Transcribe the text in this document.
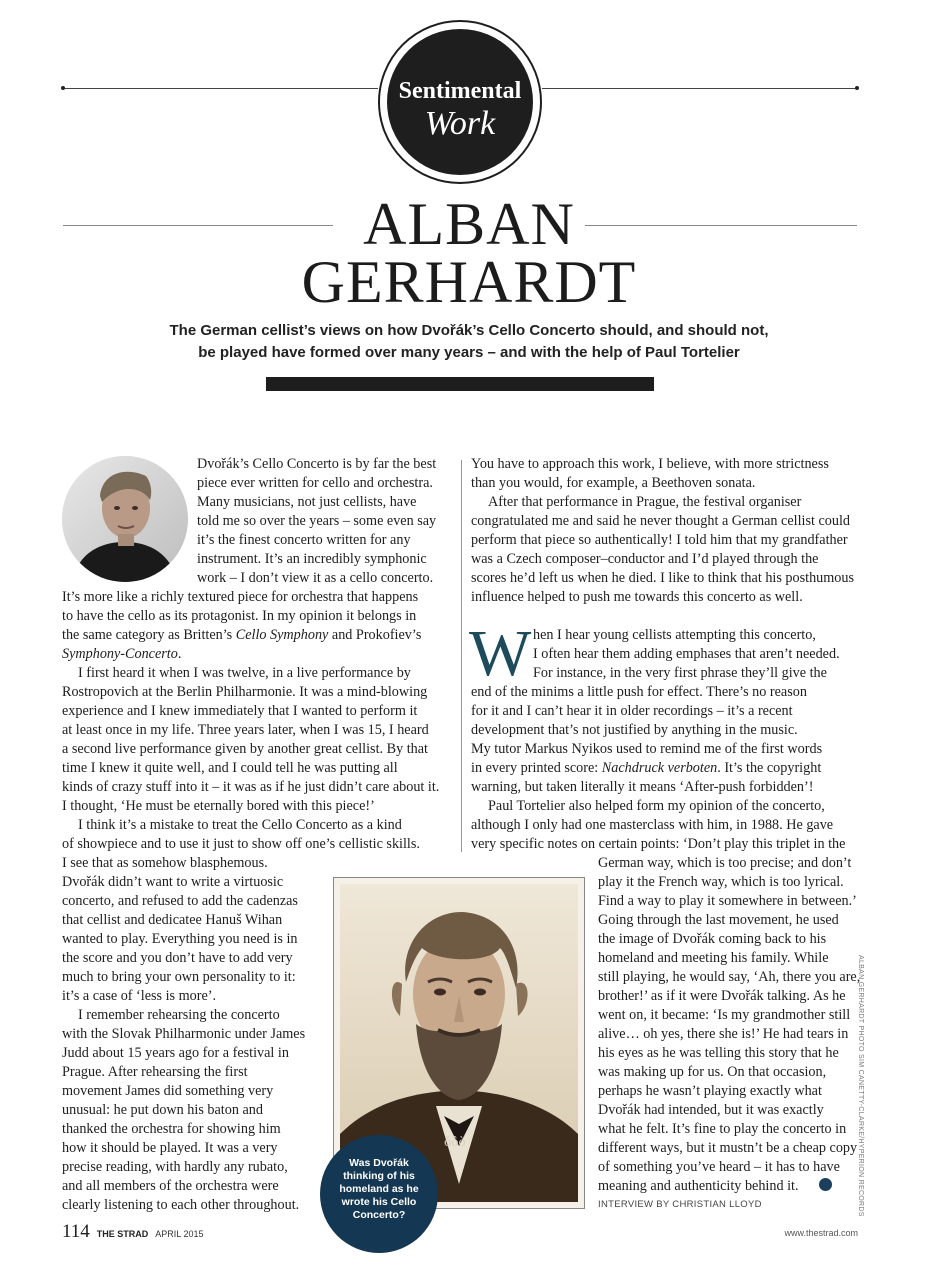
Sentimental
Work
ALBAN
GERHARDT
The German cellist’s views on how Dvořák’s Cello Concerto should, and should not,
be played have formed over many years – and with the help of Paul Tortelier
Dvořák’s Cello Concerto is by far the best
piece ever written for cello and orchestra.
Many musicians, not just cellists, have
told me so over the years – some even say
it’s the finest concerto written for any
instrument. It’s an incredibly symphonic
work – I don’t view it as a cello concerto.
It’s more like a richly textured piece for orchestra that happens
to have the cello as its protagonist. In my opinion it belongs in
the same category as Britten’s Cello Symphony and Prokofiev’s
Symphony-Concerto.
I first heard it when I was twelve, in a live performance by
Rostropovich at the Berlin Philharmonie. It was a mind-blowing
experience and I knew immediately that I wanted to perform it
at least once in my life. Three years later, when I was 15, I heard
a second live performance given by another great cellist. By that
time I knew it quite well, and I could tell he was putting all
kinds of crazy stuff into it – it was as if he just didn’t care about it.
I thought, ‘He must be eternally bored with this piece!’
I think it’s a mistake to treat the Cello Concerto as a kind
of showpiece and to use it just to show off one’s cellistic skills.
I see that as somehow blasphemous.
Dvořák didn’t want to write a virtuosic
concerto, and refused to add the cadenzas
that cellist and dedicatee Hanuš Wihan
wanted to play. Everything you need is in
the score and you don’t have to add very
much to bring your own personality to it:
it’s a case of ‘less is more’.
I remember rehearsing the concerto
with the Slovak Philharmonic under James
Judd about 15 years ago for a festival in
Prague. After rehearsing the first
movement James did something very
unusual: he put down his baton and
thanked the orchestra for showing him
how it should be played. It was a very
precise reading, with hardly any rubato,
and all members of the orchestra were
clearly listening to each other throughout.
You have to approach this work, I believe, with more strictness
than you would, for example, a Beethoven sonata.
After that performance in Prague, the festival organiser
congratulated me and said he never thought a German cellist could
perform that piece so authentically! I told him that my grandfather
was a Czech composer–conductor and I’d played through the
scores he’d left us when he died. I like to think that his posthumous
influence helped to push me towards this concerto as well.
W hen I hear young cellists attempting this concerto,
I often hear them adding emphases that aren’t needed.
For instance, in the very first phrase they’ll give the
end of the minims a little push for effect. There’s no reason
for it and I can’t hear it in older recordings – it’s a recent
development that’s not justified by anything in the music.
My tutor Markus Nyikos used to remind me of the first words
in every printed score: Nachdruck verboten. It’s the copyright
warning, but taken literally it means ‘After-push forbidden’!
Paul Tortelier also helped form my opinion of the concerto,
although I only had one masterclass with him, in 1988. He gave
very specific notes on certain points: ‘Don’t play this triplet in the
German way, which is too precise; and don’t
play it the French way, which is too lyrical.
Find a way to play it somewhere in between.’
Going through the last movement, he used
the image of Dvořák coming back to his
homeland and meeting his family. While
still playing, he would say, ‘Ah, there you are,
brother!’ as if it were Dvořák talking. As he
went on, it became: ‘Is my grandmother still
alive… oh yes, there she is!’ He had tears in
his eyes as he was telling this story that he
was making up for us. On that occasion,
perhaps he wasn’t playing exactly what
Dvořák had intended, but it was exactly
what he felt. It’s fine to play the concerto in
different ways, but it mustn’t be a cheap copy
of something you’ve heard – it has to have
meaning and authenticity behind it.
INTERVIEW BY CHRISTIAN LLOYD
ǒôò
Was Dvořák
thinking of his
homeland as he
wrote his Cello
Concerto?	ALBAN GERHARDT PHOTO SIM CANETTY-CLARKE/HYPERION RECORDS
114 THE STRAD APRIL 2015	www.thestrad.com
